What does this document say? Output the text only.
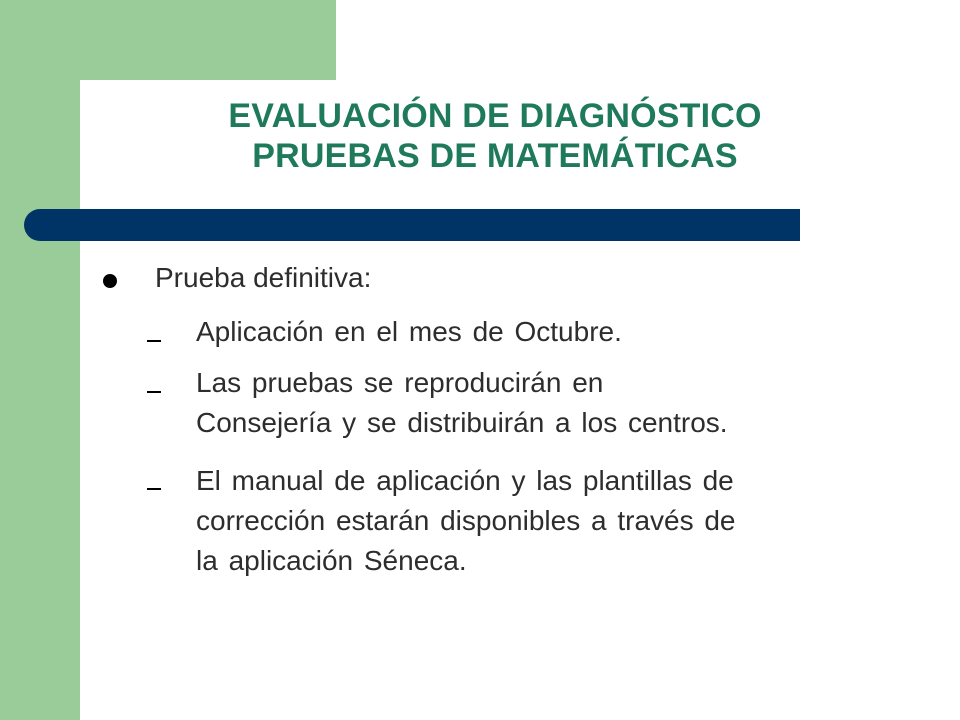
EVALUACIÓN DE DIAGNÓSTICO
PRUEBAS DE MATEMÁTICAS
Prueba definitiva:
Aplicación en el mes de Octubre.
Las pruebas se reproducirán en
Consejería y se distribuirán a los centros.
El manual de aplicación y las plantillas de
corrección estarán disponibles a través de
la aplicación Séneca.
